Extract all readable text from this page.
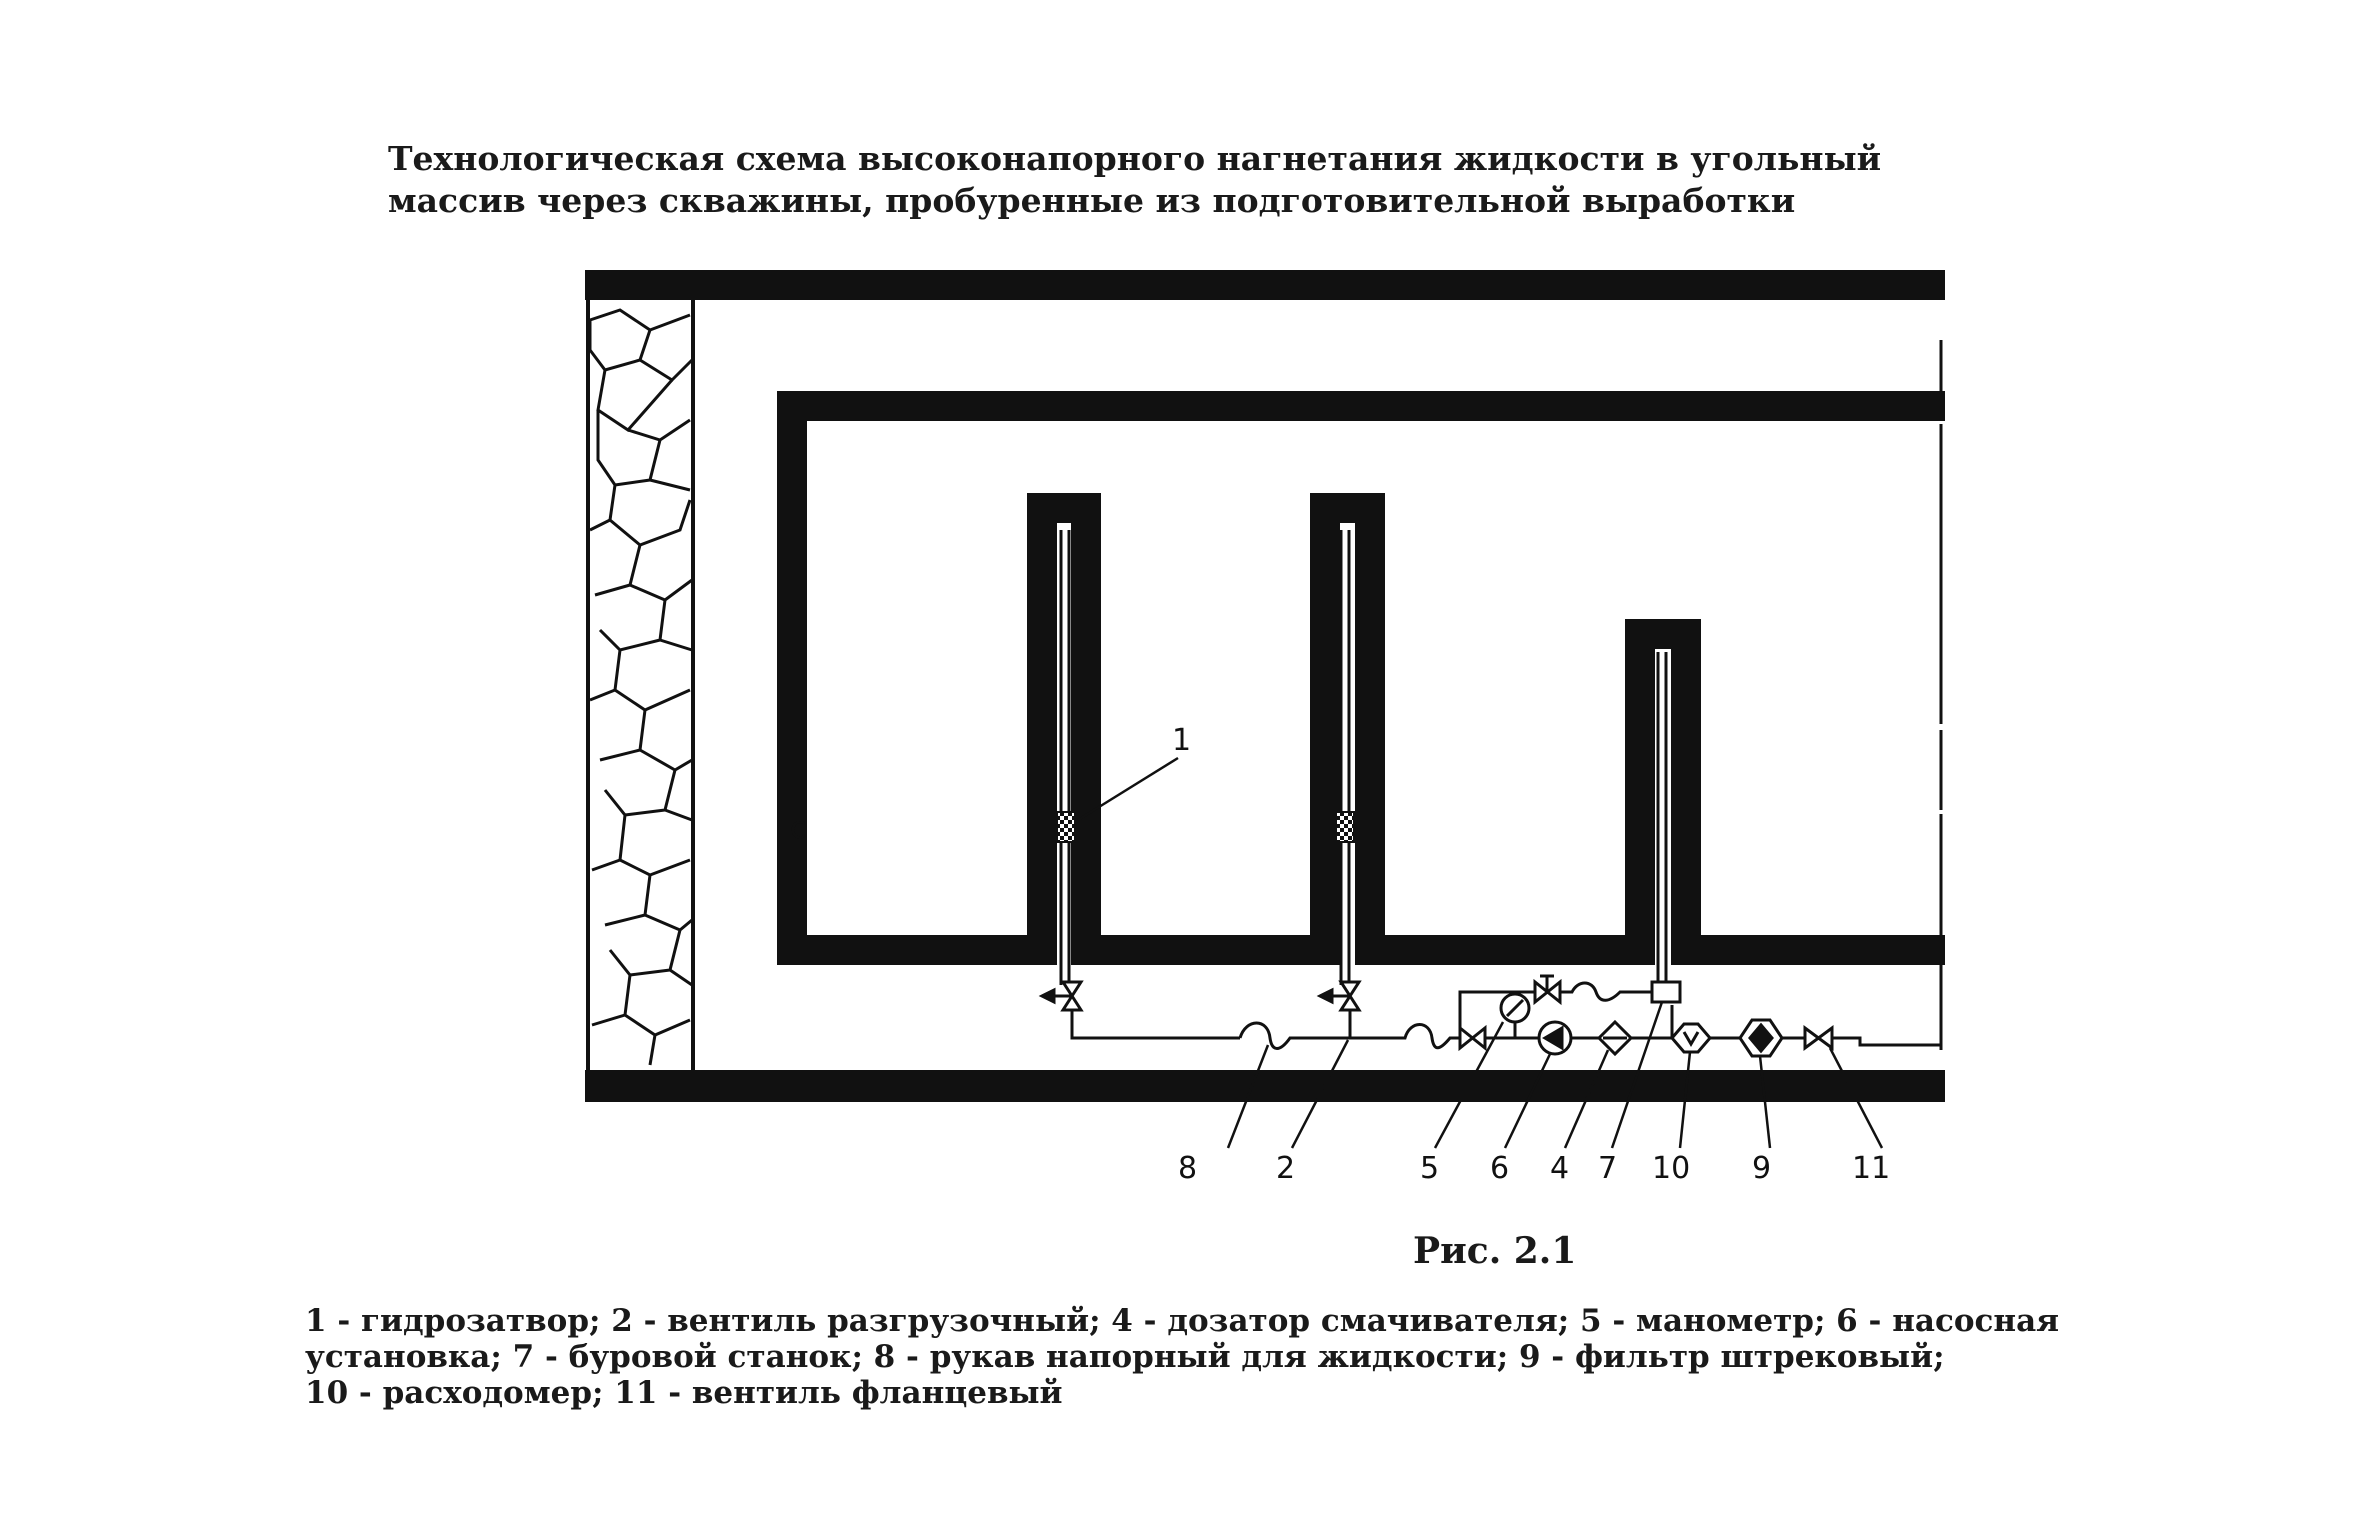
Технологическая схема высоконапорного нагнетания жидкости в угольный
массив через скважины, пробуренные из подготовительной выработки
c
1
8	2	5 6 4 7 10 9	11
Рис. 2.1
1 - гидрозатвор; 2 - вентиль разгрузочный; 4 - дозатор смачивателя; 5 - манометр; 6 - насосная
установка; 7 - буровой станок; 8 - рукав напорный для жидкости; 9 - фильтр штрековый;
10 - расходомер; 11 - вентиль фланцевый
